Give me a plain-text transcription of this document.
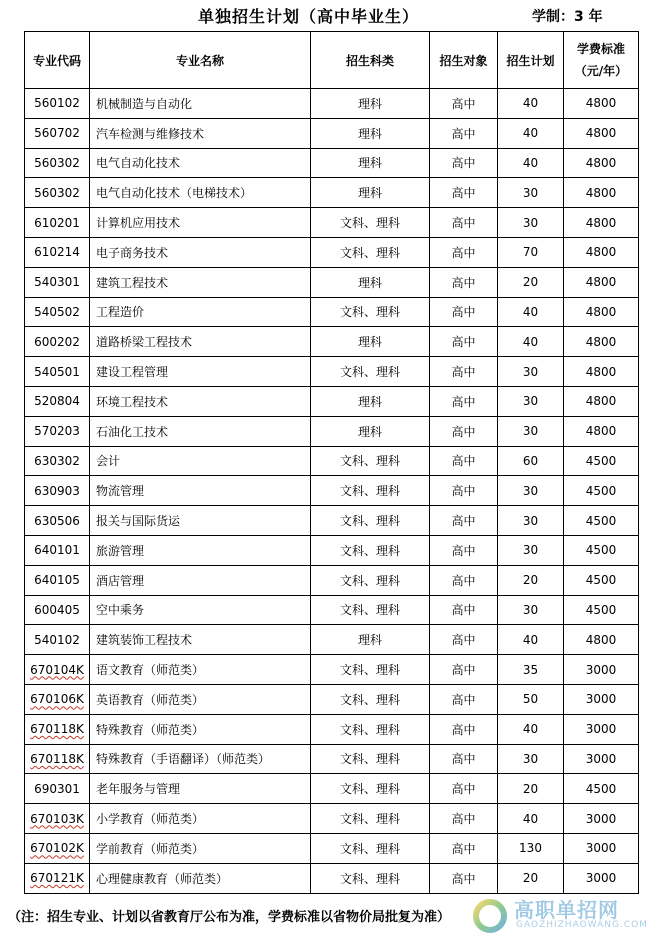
单独招生计划（高中毕业生）	学制：3 年
专业代码	专业名称	招生科类	招生对象	招生计划	学费标准
（元/年）

560102	机械制造与自动化	理科	高中	40	4800
560702	汽车检测与维修技术	理科	高中	40	4800
560302	电气自动化技术	理科	高中	40	4800
560302	电气自动化技术（电梯技术）	理科	高中	30	4800
610201	计算机应用技术	文科、理科	高中	30	4800
610214	电子商务技术	文科、理科	高中	70	4800
540301	建筑工程技术	理科	高中	20	4800
540502	工程造价	文科、理科	高中	40	4800
600202	道路桥梁工程技术	理科	高中	40	4800
540501	建设工程管理	文科、理科	高中	30	4800
520804	环境工程技术	理科	高中	30	4800
570203	石油化工技术	理科	高中	30	4800
630302	会计	文科、理科	高中	60	4500
630903	物流管理	文科、理科	高中	30	4500
630506	报关与国际货运	文科、理科	高中	30	4500
640101	旅游管理	文科、理科	高中	30	4500
640105	酒店管理	文科、理科	高中	20	4500
600405	空中乘务	文科、理科	高中	30	4500
540102	建筑装饰工程技术	理科	高中	40	4800
670104K	语文教育（师范类）	文科、理科	高中	35	3000
670106K	英语教育（师范类）	文科、理科	高中	50	3000
670118K	特殊教育（师范类）	文科、理科	高中	40	3000
670118K	特殊教育（手语翻译）（师范类）	文科、理科	高中	30	3000
690301	老年服务与管理	文科、理科	高中	20	4500
670103K	小学教育（师范类）	文科、理科	高中	40	3000
670102K	学前教育（师范类）	文科、理科	高中	130	3000
670121K	心理健康教育（师范类）	文科、理科	高中	20	3000
（注：招生专业、计划以省教育厅公布为准，学费标准以省物价局批复为准）	高职单招网
GAOZHIZHAOWANG.COM
